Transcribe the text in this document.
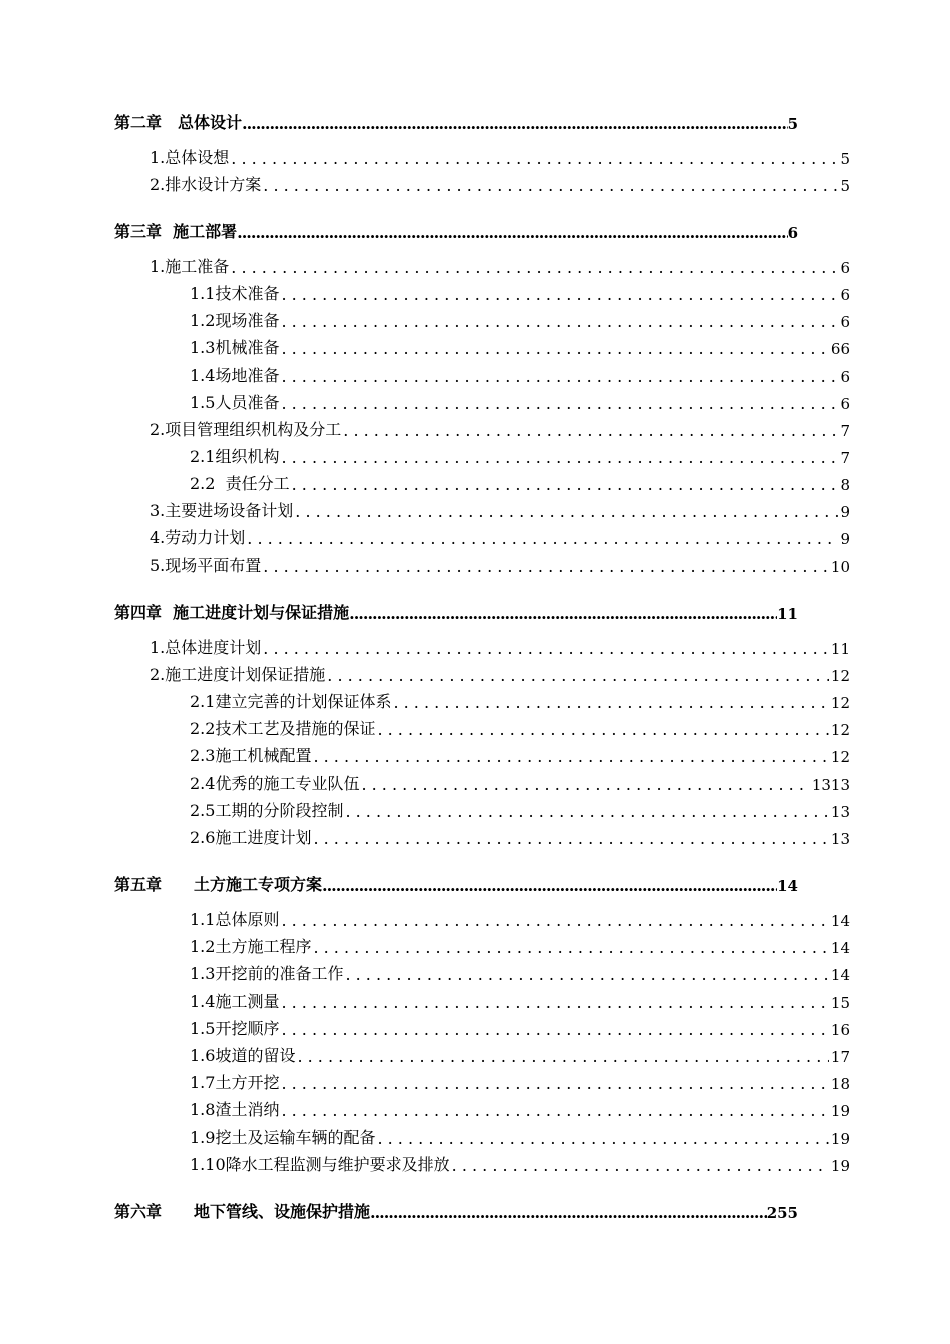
第二章　总体设计 .....	5
1.总体设想 . . .	5
2.排水设计方案 . . .	5
第三章  施工部署 .....	6
1.施工准备 . . .	6
1.1技术准备 . . .	6
1.2现场准备 . . .	6
1.3机械准备 . . .	66
1.4场地准备 . . .	6
1.5人员准备 . . .	6
2.项目管理组织机构及分工 . . .	7
2.1组织机构 . . .	7
2.2  责任分工 . . .	8
3.主要进场设备计划 . . .	9
4.劳动力计划 . . .	9
5.现场平面布置 . . .	10
第四章  施工进度计划与保证措施 .....	11
1.总体进度计划 . . .	11
2.施工进度计划保证措施 . . .	12
2.1建立完善的计划保证体系 . . .	12
2.2技术工艺及措施的保证 . . .	12
2.3施工机械配置 . . .	12
2.4优秀的施工专业队伍 . . .	1313
2.5工期的分阶段控制 . . .	13
2.6施工进度计划 . . .	13
第五章　　土方施工专项方案 .....	14
1.1总体原则 . . .	14
1.2土方施工程序 . . .	14
1.3开挖前的准备工作 . . .	14
1.4施工测量 . . .	15
1.5开挖顺序 . . .	16
1.6坡道的留设 . . .	17
1.7土方开挖 . . .	18
1.8渣土消纳 . . .	19
1.9挖土及运输车辆的配备 . . .	19
1.10降水工程监测与维护要求及排放 . . .	19
第六章　　地下管线、设施保护措施 .....	255
